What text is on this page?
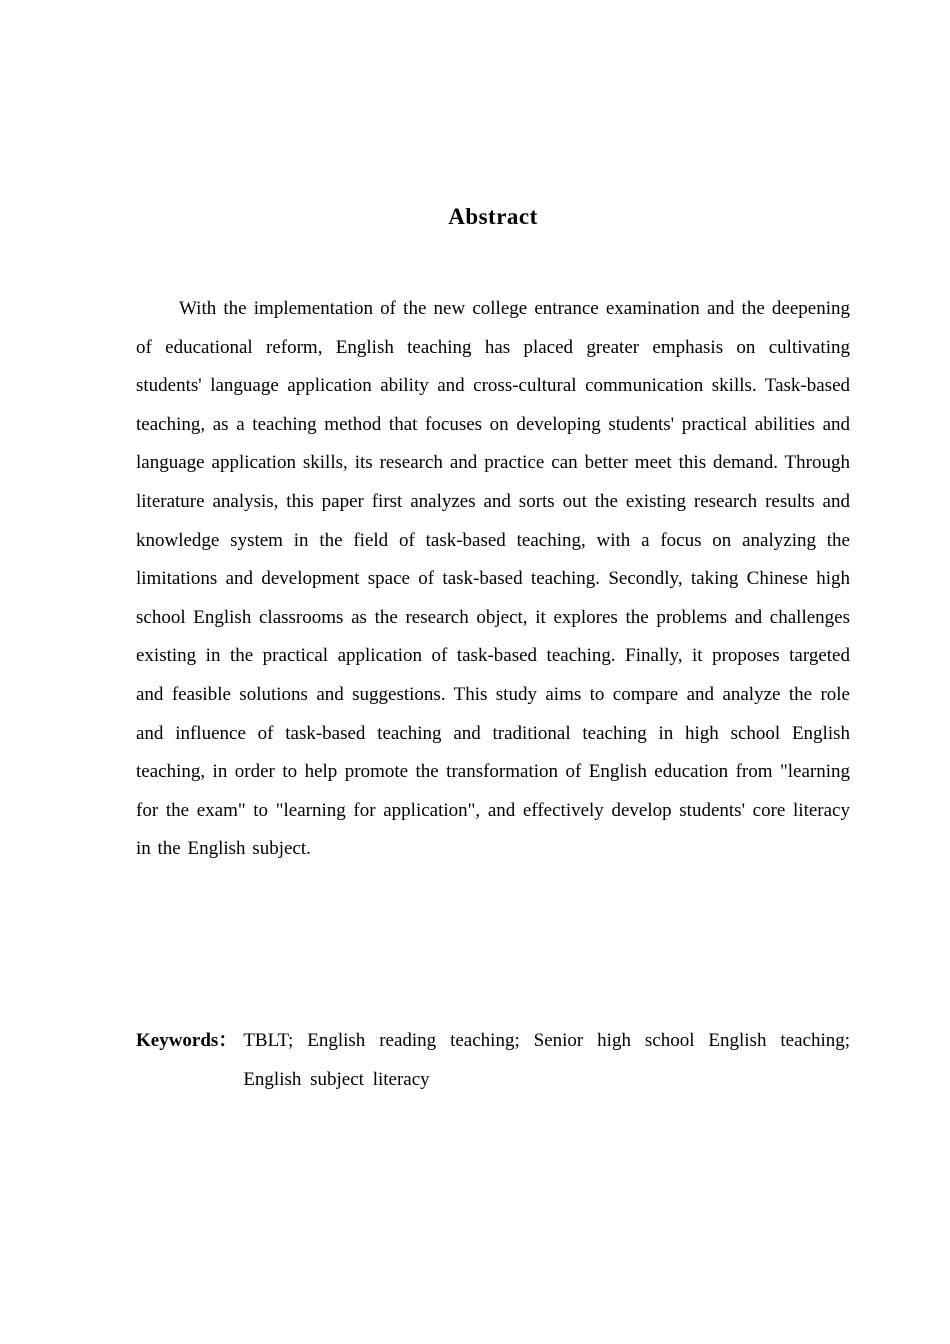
Abstract

With the implementation of the new college entrance examination and the deepening of educational reform, English teaching has placed greater emphasis on cultivating students' language application ability and cross-cultural communication skills. Task-based teaching, as a teaching method that focuses on developing students' practical abilities and language application skills, its research and practice can better meet this demand. Through literature analysis, this paper first analyzes and sorts out the existing research results and knowledge system in the field of task-based teaching, with a focus on analyzing the limitations and development space of task-based teaching. Secondly, taking Chinese high school English classrooms as the research object, it explores the problems and challenges existing in the practical application of task-based teaching. Finally, it proposes targeted and feasible solutions and suggestions. This study aims to compare and analyze the role and influence of task-based teaching and traditional teaching in high school English teaching, in order to help promote the transformation of English education from "learning for the exam" to "learning for application", and effectively develop students' core literacy in the English subject.

Keywords： TBLT; English reading teaching; Senior high school English teaching; English subject literacy
